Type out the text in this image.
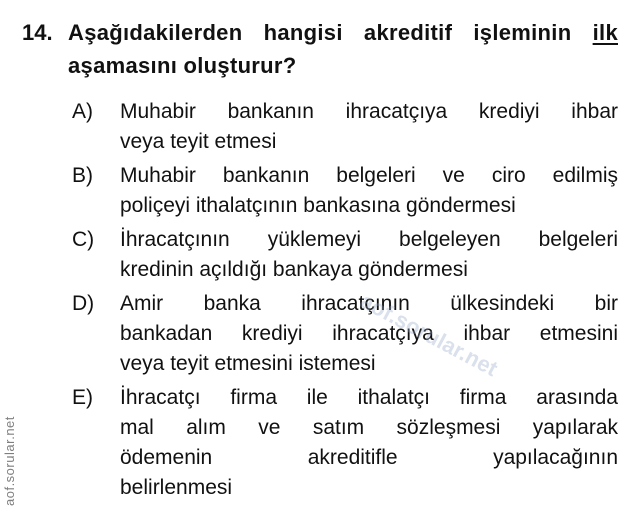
14. Aşağıdakilerden hangisi akreditif işleminin ilk aşamasını oluşturur?
A) Muhabir bankanın ihracatçıya krediyi ihbar
veya teyit etmesi
B) Muhabir bankanın belgeleri ve ciro edilmiş
poliçeyi ithalatçının bankasına göndermesi
C) İhracatçının yüklemeyi belgeleyen belgeleri
kredinin açıldığı bankaya göndermesi
D) Amir banka ihracatçının ülkesindeki bir
bankadan krediyi ihracatçıya ihbar etmesini
veya teyit etmesini istemesi
E) İhracatçı firma ile ithalatçı firma arasında
mal alım ve satım sözleşmesi yapılarak
ödemenin akreditifle yapılacağının
belirlenmesi
aof.sorular.net
aof.sorular.net
